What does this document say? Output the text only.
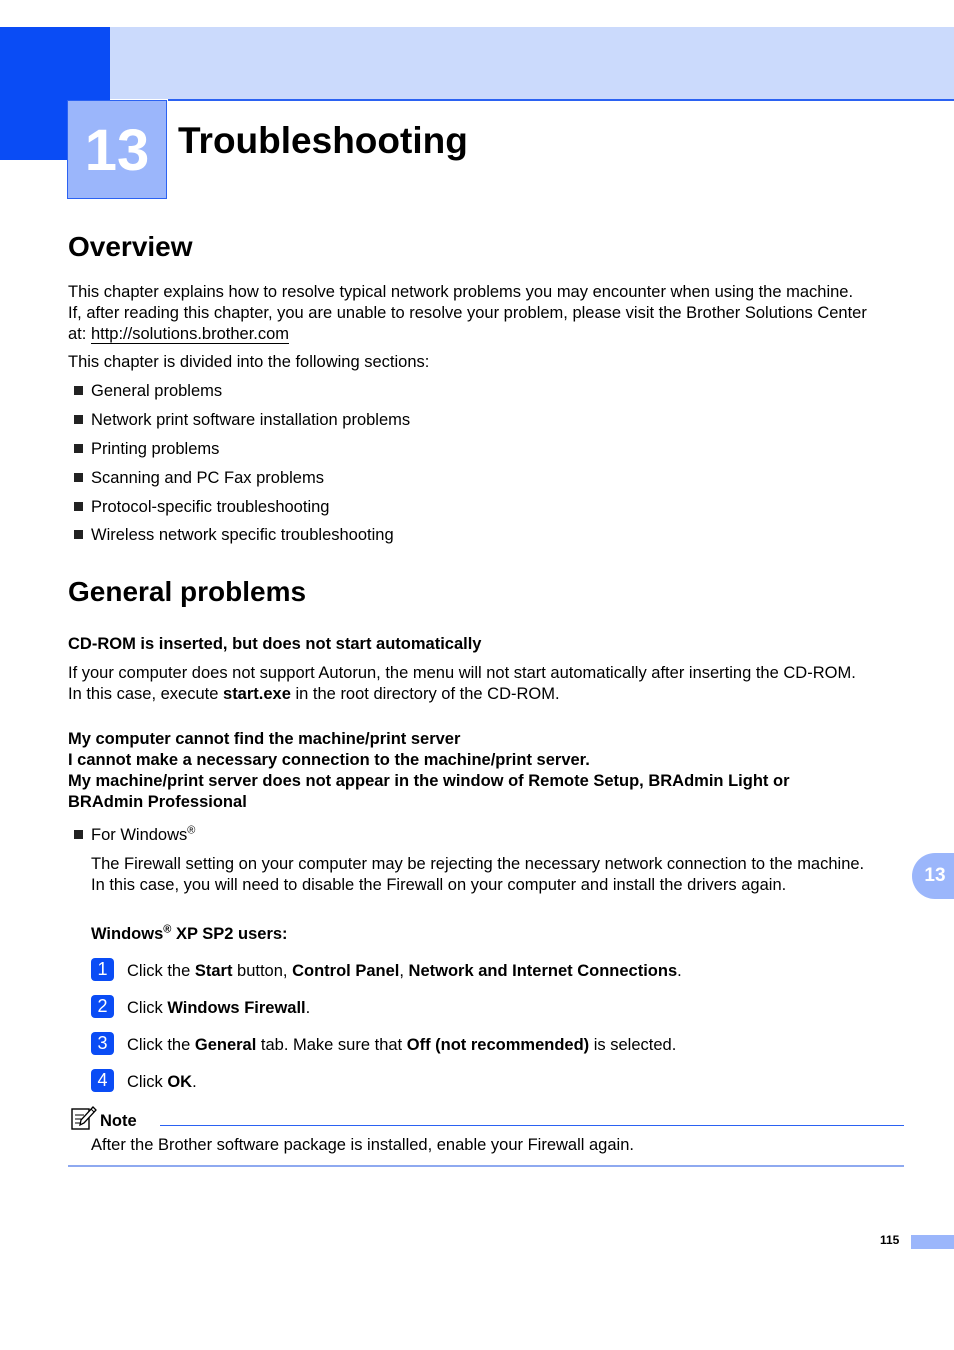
13 Troubleshooting
Overview

This chapter explains how to resolve typical network problems you may encounter when using the machine.

If, after reading this chapter, you are unable to resolve your problem, please visit the Brother Solutions Center

at: http://solutions.brother.com

This chapter is divided into the following sections:
General problems
Network print software installation problems
Printing problems
Scanning and PC Fax problems
Protocol-specific troubleshooting
Wireless network specific troubleshooting
General problems
CD-ROM is inserted, but does not start automatically

If your computer does not support Autorun, the menu will not start automatically after inserting the CD-ROM.

In this case, execute start.exe in the root directory of the CD-ROM.

My computer cannot find the machine/print server
I cannot make a necessary connection to the machine/print server.
My machine/print server does not appear in the window of Remote Setup, BRAdmin Light or
BRAdmin Professional
For Windows®

The Firewall setting on your computer may be rejecting the necessary network connection to the machine.

In this case, you will need to disable the Firewall on your computer and install the drivers again.

Windows® XP SP2 users:
1	Click the Start button, Control Panel, Network and Internet Connections.
2	Click Windows Firewall.
3	Click the General tab. Make sure that Off (not recommended) is selected.
4	Click OK.
Note
After the Brother software package is installed, enable your Firewall again.
13
115
